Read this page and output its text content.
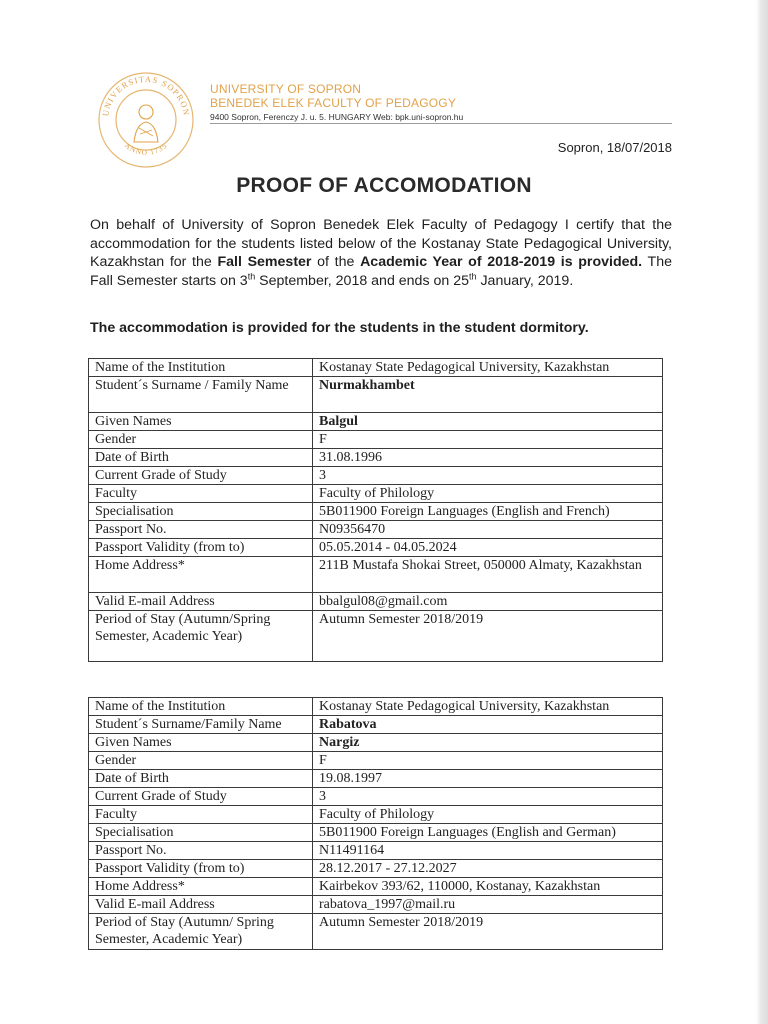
UNIVERSITAS SOPRON
ANNO 1735
UNIVERSITY OF SOPRON
BENEDEK ELEK FACULTY OF PEDAGOGY
9400 Sopron, Ferenczy J. u. 5. HUNGARY Web: bpk.uni-sopron.hu
Sopron, 18/07/2018
PROOF OF ACCOMODATION
On behalf of University of Sopron Benedek Elek Faculty of Pedagogy I certify that the accommodation for the students listed below of the Kostanay State Pedagogical University, Kazakhstan for the Fall Semester of the Academic Year of 2018-2019 is provided. The Fall Semester starts on 3th September, 2018 and ends on 25th January, 2019.
The accommodation is provided for the students in the student dormitory.
Name of the Institution	Kostanay State Pedagogical University, Kazakhstan
Student´s Surname / Family Name	Nurmakhambet
Given Names	Balgul
Gender	F
Date of Birth	31.08.1996
Current Grade of Study	3
Faculty	Faculty of Philology
Specialisation	5B011900 Foreign Languages (English and French)
Passport No.	N09356470
Passport Validity (from to)	05.05.2014 - 04.05.2024
Home Address*	211B Mustafa Shokai Street, 050000 Almaty, Kazakhstan
Valid E-mail Address	bbalgul08@gmail.com
Period of Stay (Autumn/Spring Semester, Academic Year)	Autumn Semester 2018/2019
Name of the Institution	Kostanay State Pedagogical University, Kazakhstan
Student´s Surname/Family Name	Rabatova
Given Names	Nargiz
Gender	F
Date of Birth	19.08.1997
Current Grade of Study	3
Faculty	Faculty of Philology
Specialisation	5B011900 Foreign Languages (English and German)
Passport No.	N11491164
Passport Validity (from to)	28.12.2017 - 27.12.2027
Home Address*	Kairbekov 393/62, 110000, Kostanay, Kazakhstan
Valid E-mail Address	rabatova_1997@mail.ru
Period of Stay (Autumn/ Spring Semester, Academic Year)	Autumn Semester 2018/2019
